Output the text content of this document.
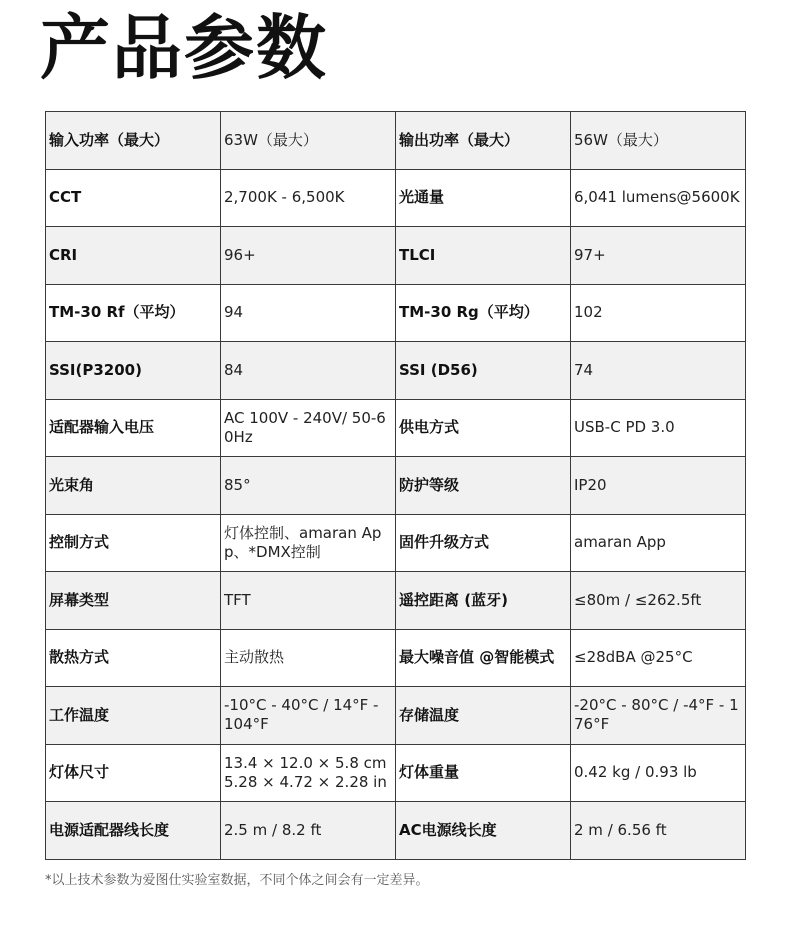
产品参数
输入功率（最大）	63W（最大）	输出功率（最大）	56W（最大）
CCT	2,700K - 6,500K	光通量	6,041 lumens@5600K
CRI	96+	TLCI	97+
TM-30 Rf（平均）	94	TM-30 Rg（平均）	102
SSI(P3200)	84	SSI (D56)	74
适配器输入电压	AC 100V - 240V/ 50-60Hz	供电方式	USB-C PD 3.0
光束角	85°	防护等级	IP20
控制方式	灯体控制、amaran App、*DMX控制	固件升级方式	amaran App
屏幕类型	TFT	遥控距离 (蓝牙)	≤80m / ≤262.5ft
散热方式	主动散热	最大噪音值 @智能模式	≤28dBA @25°C
工作温度	-10°C - 40°C / 14°F - 104°F	存储温度	-20°C - 80°C / -4°F - 176°F
灯体尺寸	13.4 × 12.0 × 5.8 cm 5.28 × 4.72 × 2.28 in	灯体重量	0.42 kg / 0.93 lb
电源适配器线长度	2.5 m / 8.2 ft	AC电源线长度	2 m / 6.56 ft
*以上技术参数为爱图仕实验室数据，不同个体之间会有一定差异。
